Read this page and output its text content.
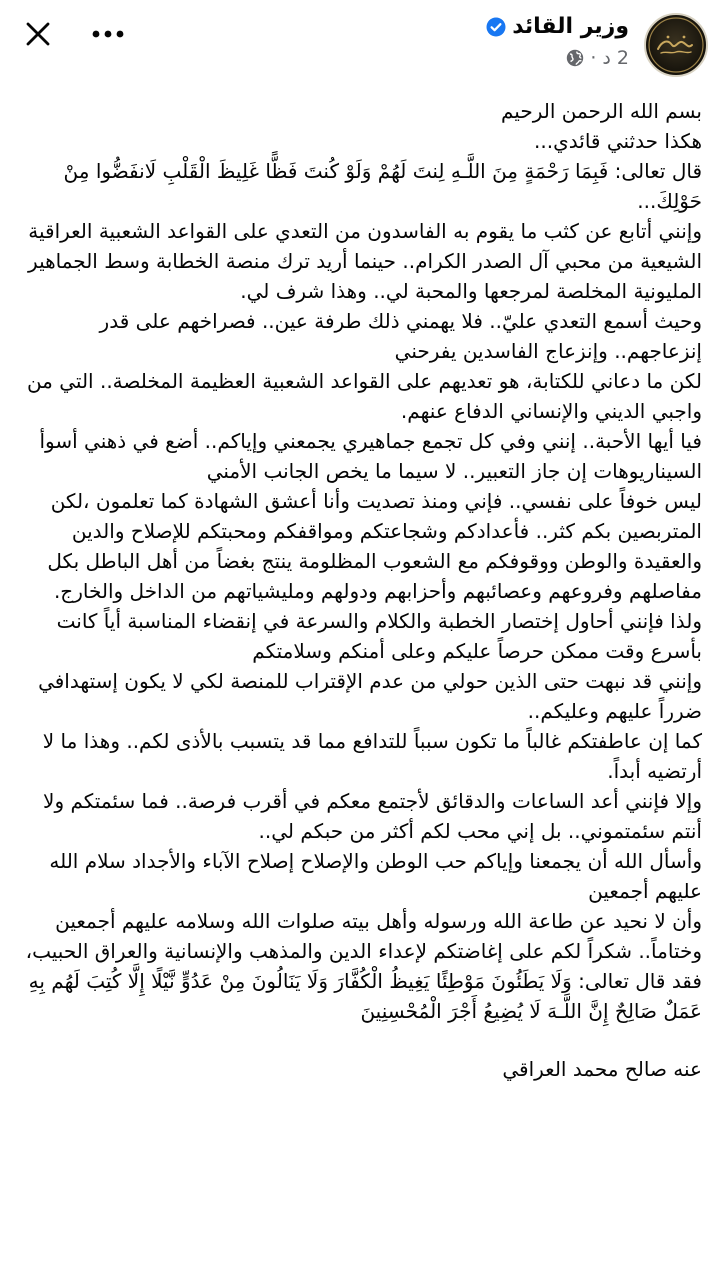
وزير القائد
2 د
·

بسم الله الرحمن الرحيم

هكذا حدثني قائدي...

قال تعالى: فَبِمَا رَحْمَةٍ مِنَ اللَّـهِ لِنتَ لَهُمْ وَلَوْ كُنتَ فَظًّا غَلِيظَ الْقَلْبِ لَانفَضُّوا مِنْ حَوْلِكَ...

وإنني أتابع عن كثب ما يقوم به الفاسدون من التعدي على القواعد الشعبية العراقية الشيعية من محبي آل الصدر الكرام.. حينما أريد ترك منصة الخطابة وسط الجماهير المليونية المخلصة لمرجعها والمحبة لي.. وهذا شرف لي.

وحيث أسمع التعدي عليّ.. فلا يهمني ذلك طرفة عين.. فصراخهم على قدر إنزعاجهم.. وإنزعاج الفاسدين يفرحني

لكن ما دعاني للكتابة، هو تعديهم على القواعد الشعبية العظيمة المخلصة.. التي من واجبي الديني والإنساني الدفاع عنهم.

فيا أيها الأحبة.. إنني وفي كل تجمع جماهيري يجمعني وإياكم.. أضع في ذهني أسوأ السيناريوهات إن جاز التعبير.. لا سيما ما يخص الجانب الأمني

ليس خوفاً على نفسي.. فإني ومنذ تصديت وأنا أعشق الشهادة كما تعلمون ،لكن المتربصين بكم كثر.. فأعدادكم وشجاعتكم ومواقفكم ومحبتكم للإصلاح والدين والعقيدة والوطن ووقوفكم مع الشعوب المظلومة ينتج بغضاً من أهل الباطل بكل مفاصلهم وفروعهم وعصائبهم وأحزابهم ودولهم ومليشياتهم من الداخل والخارج.

ولذا فإنني أحاول إختصار الخطبة والكلام والسرعة في إنقضاء المناسبة أياً كانت بأسرع وقت ممكن حرصاً عليكم وعلى أمنكم وسلامتكم

وإنني قد نبهت حتى الذين حولي من عدم الإقتراب للمنصة لكي لا يكون إستهدافي ضرراً عليهم وعليكم..

كما إن عاطفتكم غالباً ما تكون سبباً للتدافع مما قد يتسبب بالأذى لكم.. وهذا ما لا أرتضيه أبداً.

وإلا فإنني أعد الساعات والدقائق لأجتمع معكم في أقرب فرصة.. فما سئمتكم ولا أنتم سئمتموني.. بل إني محب لكم أكثر من حبكم لي..

وأسأل الله أن يجمعنا وإياكم حب الوطن والإصلاح إصلاح الآباء والأجداد سلام الله عليهم أجمعين

وأن لا نحيد عن طاعة الله ورسوله وأهل بيته صلوات الله وسلامه عليهم أجمعين

وختاماً.. شكراً لكم على إغاضتكم لإعداء الدين والمذهب والإنسانية والعراق الحبيب، فقد قال تعالى: وَلَا يَطَئُونَ مَوْطِئًا يَغِيظُ الْكُفَّارَ وَلَا يَنَالُونَ مِنْ عَدُوٍّ نَّيْلًا إِلَّا كُتِبَ لَهُم بِهِ عَمَلٌ صَالِحٌ إِنَّ اللَّـهَ لَا يُضِيعُ أَجْرَ الْمُحْسِنِينَ

عنه صالح محمد العراقي
